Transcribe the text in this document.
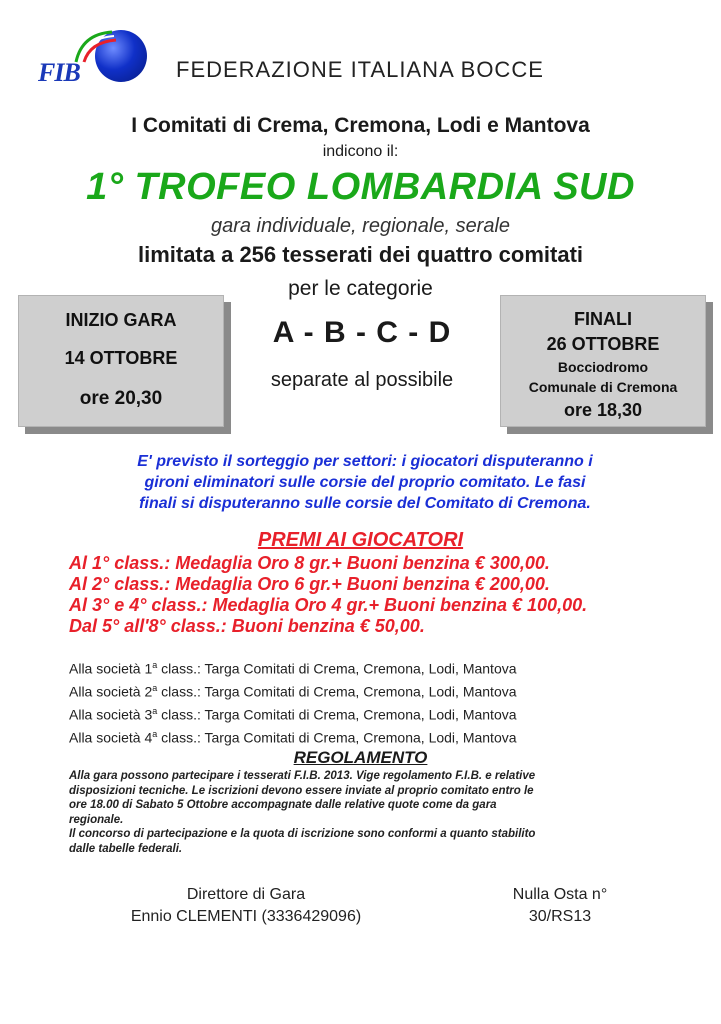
FIB	FEDERAZIONE ITALIANA BOCCE
I Comitati di Crema, Cremona, Lodi e Mantova
indicono il:
1° TROFEO LOMBARDIA SUD
gara individuale, regionale, serale
limitata a 256 tesserati dei quattro comitati
per le categorie
INIZIO GARA
14 OTTOBRE
ore 20,30
A - B - C - D
separate al possibile
FINALI
26 OTTOBRE
Bocciodromo
Comunale di Cremona
ore 18,30
E' previsto il sorteggio per settori: i giocatori disputeranno i
gironi eliminatori sulle corsie del proprio comitato. Le fasi
finali si disputeranno sulle corsie del Comitato di Cremona.
PREMI AI GIOCATORI
Al 1° class.: Medaglia Oro 8 gr.+ Buoni benzina € 300,00.
Al 2° class.: Medaglia Oro 6 gr.+ Buoni benzina € 200,00.
Al 3° e 4° class.: Medaglia Oro 4 gr.+ Buoni benzina € 100,00.
Dal 5° all'8° class.: Buoni benzina € 50,00.
Alla società 1$^a$ class.: Targa Comitati di Crema, Cremona, Lodi, Mantova
Alla società 2$^a$ class.: Targa Comitati di Crema, Cremona, Lodi, Mantova
Alla società 3$^a$ class.: Targa Comitati di Crema, Cremona, Lodi, Mantova
Alla società 4$^a$ class.: Targa Comitati di Crema, Cremona, Lodi, Mantova
REGOLAMENTO
Alla gara possono partecipare i tesserati F.I.B. 2013. Vige regolamento F.I.B. e relative
disposizioni tecniche. Le iscrizioni devono essere inviate al proprio comitato entro le
ore 18.00 di Sabato 5 Ottobre accompagnate dalle relative quote come da gara
regionale.
Il concorso di partecipazione e la quota di iscrizione sono conformi a quanto stabilito
dalle tabelle federali.
Direttore di Gara
Ennio CLEMENTI (3336429096)
Nulla Osta n°
30/RS13
